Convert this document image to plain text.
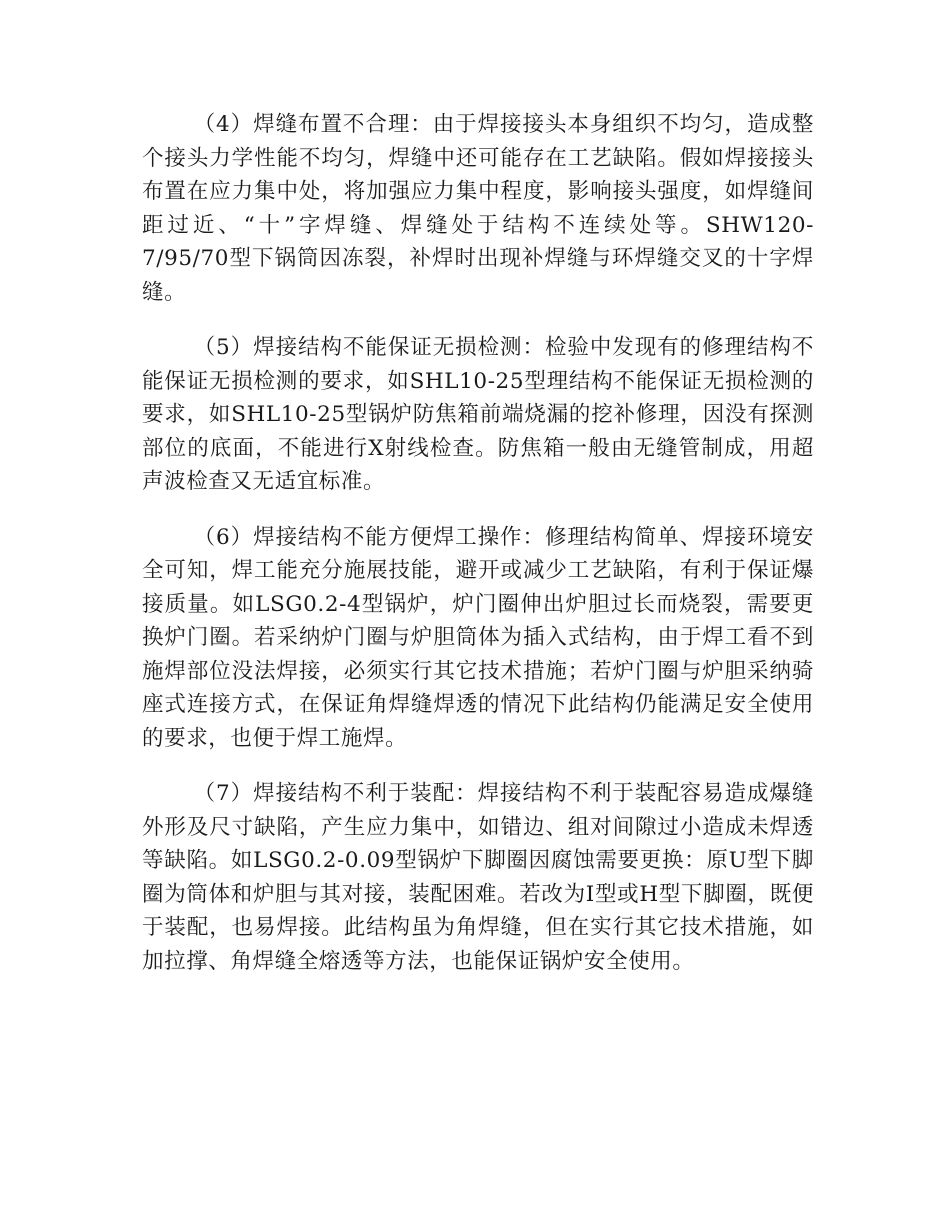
（4）焊缝布置不合理：由于焊接接头本身组织不均匀，造成整个接头力学性能不均匀，焊缝中还可能存在工艺缺陷。假如焊接接头布置在应力集中处，将加强应力集中程度，影响接头强度，如焊缝间距过近、“十”字焊缝、焊缝处于结构不连续处等。SHW120-7/95/70型下锅筒因冻裂，补焊时出现补焊缝与环焊缝交叉的十字焊缝。

（5）焊接结构不能保证无损检测：检验中发现有的修理结构不能保证无损检测的要求，如SHL10-25型理结构不能保证无损检测的要求，如SHL10-25型锅炉防焦箱前端烧漏的挖补修理，因没有探测部位的底面，不能进行X射线检查。防焦箱一般由无缝管制成，用超声波检查又无适宜标准。

（6）焊接结构不能方便焊工操作：修理结构简单、焊接环境安全可知，焊工能充分施展技能，避开或减少工艺缺陷，有利于保证爆接质量。如LSG0.2-4型锅炉，炉门圈伸出炉胆过长而烧裂，需要更换炉门圈。若采纳炉门圈与炉胆筒体为插入式结构，由于焊工看不到施焊部位没法焊接，必须实行其它技术措施；若炉门圈与炉胆采纳骑座式连接方式，在保证角焊缝焊透的情况下此结构仍能满足安全使用的要求，也便于焊工施焊。

（7）焊接结构不利于装配：焊接结构不利于装配容易造成爆缝外形及尺寸缺陷，产生应力集中，如错边、组对间隙过小造成未焊透等缺陷。如LSG0.2-0.09型锅炉下脚圈因腐蚀需要更换：原U型下脚圈为筒体和炉胆与其对接，装配困难。若改为I型或H型下脚圈，既便于装配，也易焊接。此结构虽为角焊缝，但在实行其它技术措施，如加拉撑、角焊缝全熔透等方法，也能保证锅炉安全使用。
